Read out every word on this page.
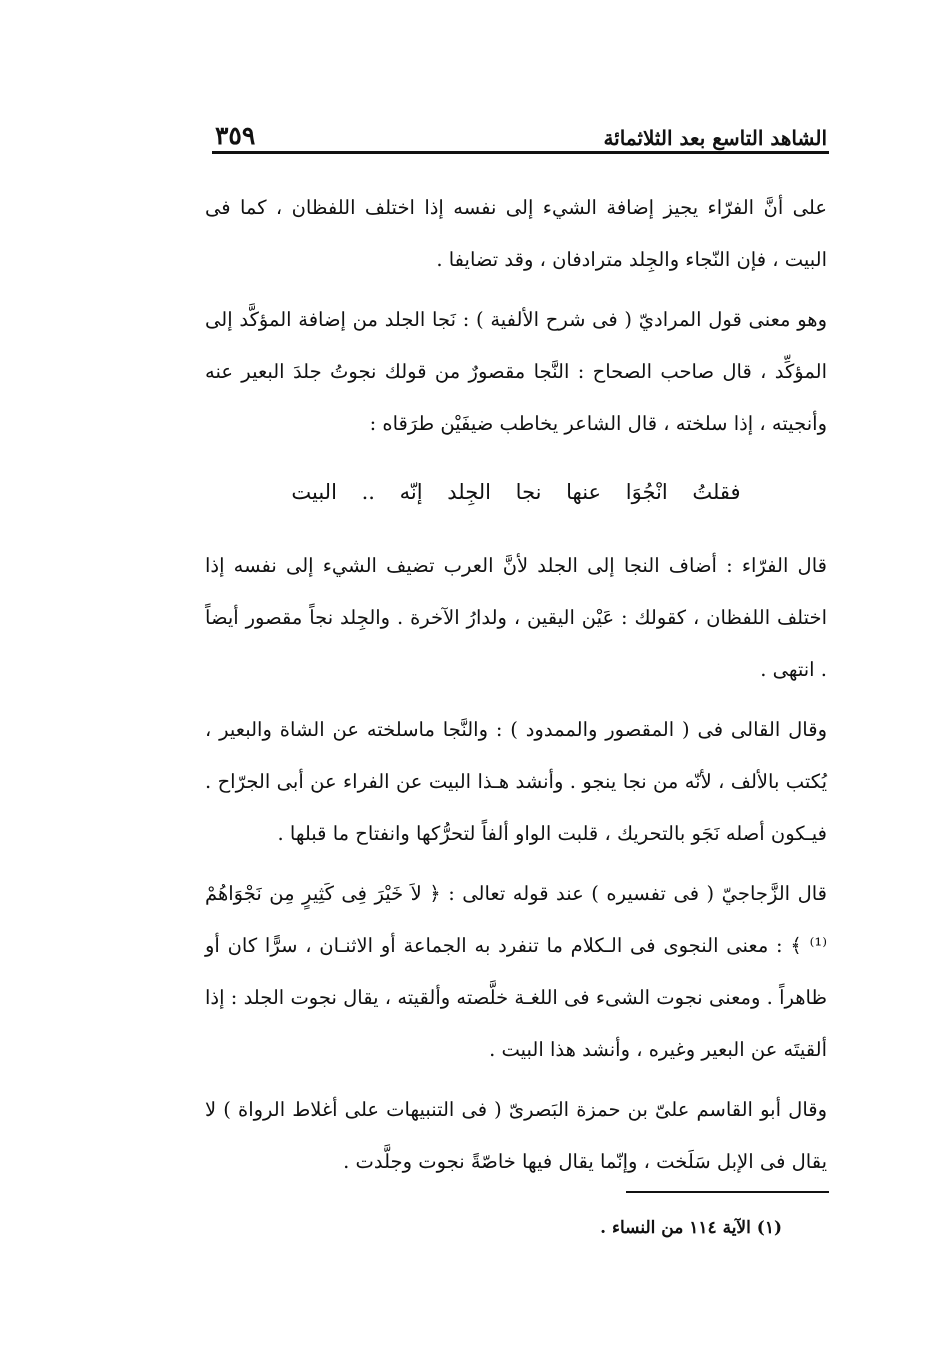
الشاهد التاسع بعد الثلاثمائة
٣٥٩

على أنَّ الفرّاء يجيز إضافة الشيء إلى نفسه إذا اختلف اللفظان ، كما فى البيت ، فإن النّجاء والجِلد مترادفان ، وقد تضايفا .

وهو معنى قول المراديّ ( فى شرح الألفية ) : نَجا الجلد من إضافة المؤكَّد إلى المؤكِّد ، قال صاحب الصحاح : النَّجا مقصورٌ من قولك نجوتُ جلدَ البعير عنه وأنجيته ، إذا سلخته ، قال الشاعر يخاطب ضيفَيْن طرَقاه :

فقلتُ انْجُوَا عنها نجا الجِلد إنّه .. البيت

قال الفرّاء : أضاف النجا إلى الجلد لأنَّ العرب تضيف الشيء إلى نفسه إذا اختلف اللفظان ، كقولك : عَيْن اليقين ، ولدارُ الآخرة . والجِلد نجاً مقصور أيضاً . انتهى .

وقال القالى فى ( المقصور والممدود ) : والنَّجا ماسلخته عن الشاة والبعير ، يُكتب بالألف ، لأنّه من نجا ينجو . وأنشد هـذا البيت عن الفراء عن أبى الجرّاح . فيـكون أصله نَجَو بالتحريك ، قلبت الواو ألفاً لتحرُّكها وانفتاح ما قبلها .

قال الزَّجاجيّ ( فى تفسيره ) عند قوله تعالى : ﴿ لاَ خَيْرَ فِى كَثِيرٍ مِن نَجْوَاهُمْ ⁽¹⁾ ﴾ : معنى النجوى فى الـكلام ما تنفرد به الجماعة أو الاثنـان ، سرًّا كان أو ظاهراً . ومعنى نجوت الشىء فى اللغـة خلَّصته وألقيته ، يقال نجوت الجلد : إذا ألقيتَه عن البعير وغيره ، وأنشد هذا البيت .

وقال أبو القاسم علىّ بن حمزة البَصرىّ ( فى التنبيهات على أغلاط الرواة ) لا يقال فى الإبل سَلَخت ، وإنّما يقال فيها خاصّةً نجوت وجلَّدت .

(١) الآية ١١٤ من النساء .
